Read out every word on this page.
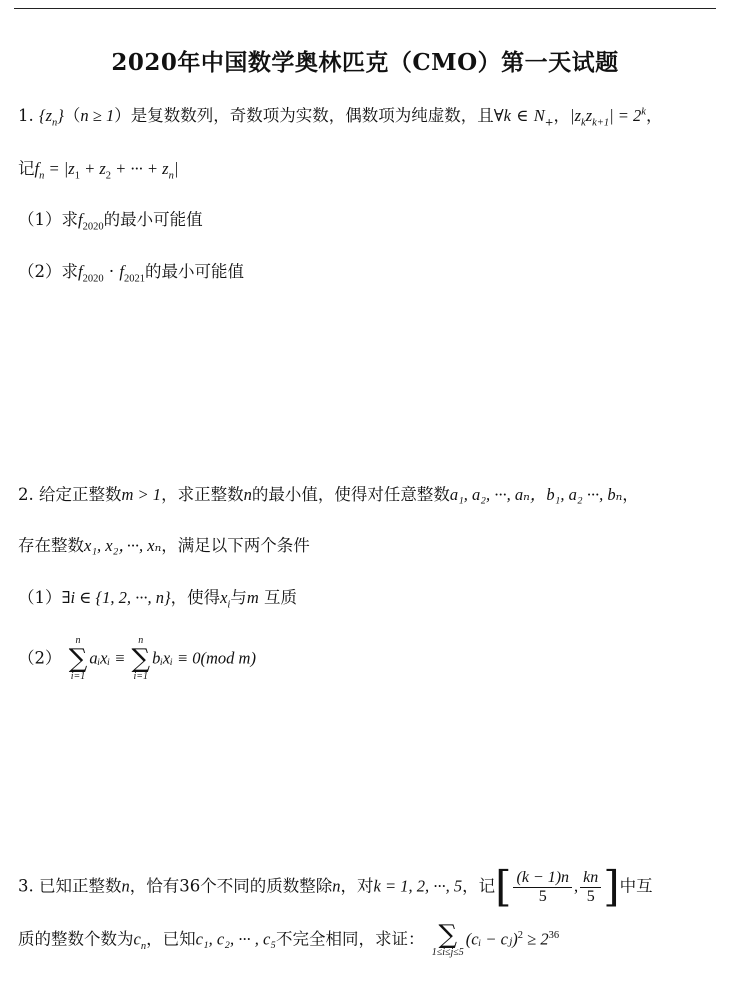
2020年中国数学奥林匹克（CMO）第一天试题
1. $\{z_n\}(n \ge 1)$是复数数列，奇数项为实数，偶数项为纯虚数，且∀k ∈ $N_+$，$|z_kz_{k+1}| = 2^k$，
记$f_n = |z_1 + z_2$ + ··· + $z_n|$
（1）求$f_{2020}$的最小可能值
（2）求$f_{2020} \cdot f_{2021}$的最小可能值
2. 给定正整数m > 1，求正整数n的最小值，使得对任意整数a₁, a₂, ···, aₙ，b₁, a₂ ···, bₙ，
存在整数x₁, x₂，···, xₙ，满足以下两个条件
（1）∃i ∈ {1, 2, ···, n}，使得$x_i$与m 互质
（2）
n
∑
i=1
aᵢxᵢ ≡
n
∑
i=1
bᵢxᵢ ≡ 0(mod m)
3. 已知正整数n，恰有36个不同的质数整除n，对k = 1, 2, ···, 5，记[ $\frac{(k - 1)n}{5}$ , $\frac{kn}{5}$ ]中互
质的整数个数为$c_n$，已知c₁, c₂, ··· , c₅不完全相同，求证： ∑
1≤i≤j≤5
(cᵢ − cⱼ)$^2$ ≥ $2^{36}$
